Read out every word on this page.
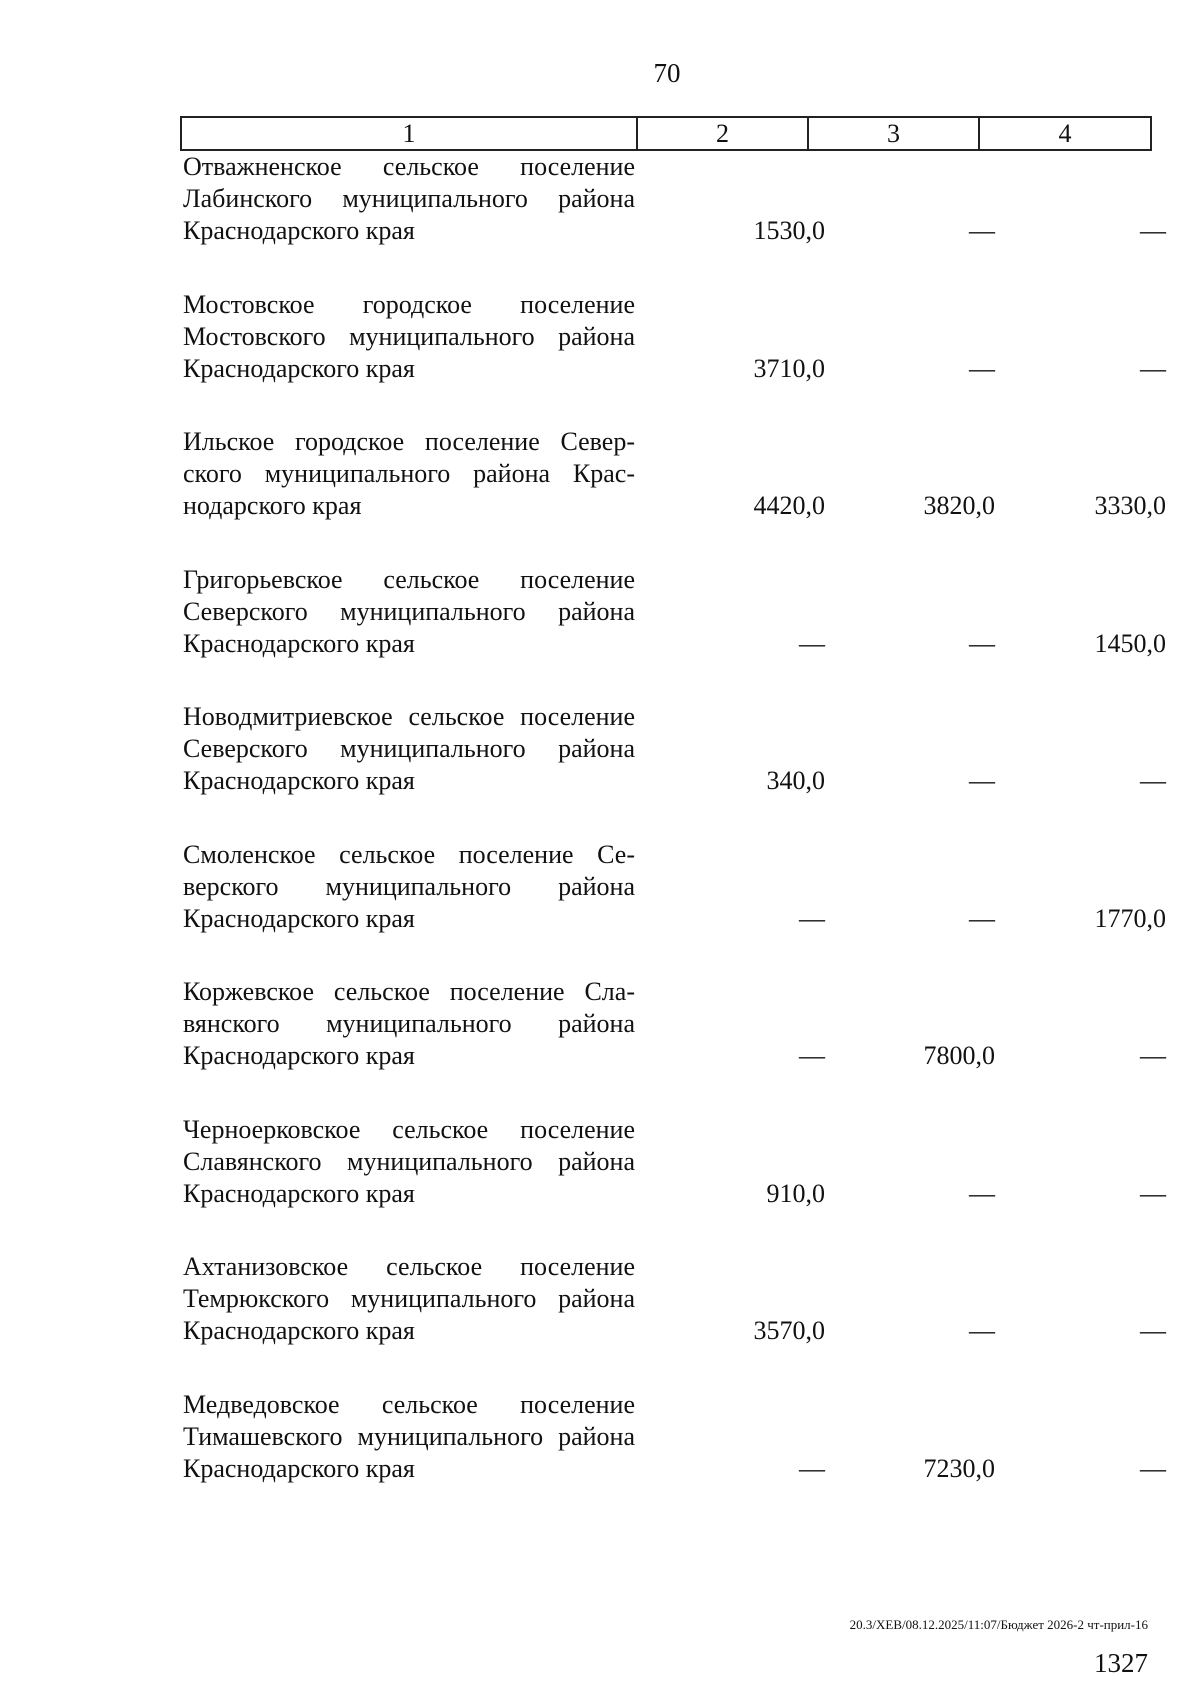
70
1	2	3	4
Отважненское сельское поселение Лабинского муниципального района Краснодарского края	1530,0	—	—
Мостовское городское поселение Мостовского муниципального района Краснодарского края	3710,0	—	—
Ильское городское поселение Северского муниципального района Краснодарского края	4420,0	3820,0	3330,0
Григорьевское сельское поселение Северского муниципального района Краснодарского края	—	—	1450,0
Новодмитриевское сельское поселение Северского муниципального района Краснодарского края	340,0	—	—
Смоленское сельское поселение Северского муниципального района Краснодарского края	—	—	1770,0
Коржевское сельское поселение Славянского муниципального района Краснодарского края	—	7800,0	—
Черноерковское сельское поселение Славянского муниципального района Краснодарского края	910,0	—	—
Ахтанизовское сельское поселение Темрюкского муниципального района Краснодарского края	3570,0	—	—
Медведовское сельское поселение Тимашевского муниципального района Краснодарского края	—	7230,0	—
20.3/ХЕВ/08.12.2025/11:07/Бюджет 2026-2 чт-прил-16
1327
